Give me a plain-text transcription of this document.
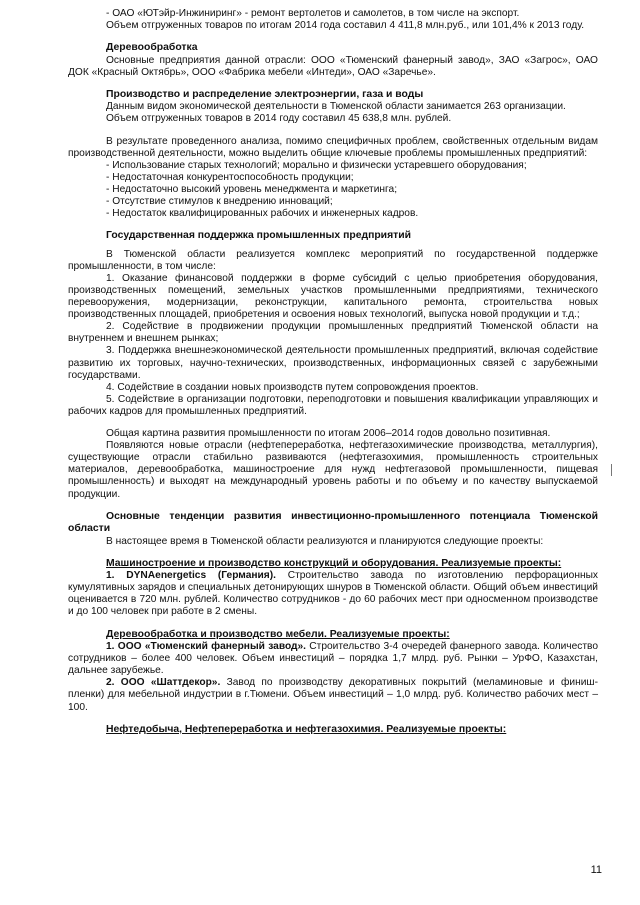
- ОАО «ЮТэйр-Инжиниринг» - ремонт вертолетов и самолетов, в том числе на экспорт.

Объем отгруженных товаров по итогам 2014 года составил 4 411,8 млн.руб., или 101,4% к 2013 году.

Деревообработка

Основные предприятия данной отрасли: ООО «Тюменский фанерный завод», ЗАО «Загрос», ОАО ДОК «Красный Октябрь», ООО «Фабрика мебели «Интеди», ОАО «Заречье».

Производство и распределение электроэнергии, газа и воды

Данным видом экономической деятельности в Тюменской области занимается 263 организации.

Объем отгруженных товаров в 2014 году составил 45 638,8 млн. рублей.

В результате проведенного анализа, помимо специфичных проблем, свойственных отдельным видам производственной деятельности, можно выделить общие ключевые проблемы промышленных предприятий:

- Использование старых технологий; морально и физически устаревшего оборудования;

- Недостаточная конкурентоспособность продукции;

- Недостаточно высокий уровень менеджмента и маркетинга;

- Отсутствие стимулов к внедрению инноваций;

- Недостаток квалифицированных рабочих и инженерных кадров.

Государственная поддержка промышленных предприятий

В Тюменской области реализуется комплекс мероприятий по государственной поддержке промышленности, в том числе:

1. Оказание финансовой поддержки в форме субсидий с целью приобретения оборудования, производственных помещений, земельных участков промышленными предприятиями, технического перевооружения, модернизации, реконструкции, капитального ремонта, строительства новых производственных площадей, приобретения и освоения новых технологий, выпуска новой продукции и т.д.;

2. Содействие в продвижении продукции промышленных предприятий Тюменской области на внутреннем и внешнем рынках;

3. Поддержка внешнеэкономической деятельности промышленных предприятий, включая содействие развитию их торговых, научно-технических, производственных, информационных связей с зарубежными государствами.

4. Содействие в создании новых производств путем сопровождения проектов.

5. Содействие в организации подготовки, переподготовки и повышения квалификации управляющих и рабочих кадров для промышленных предприятий.

Общая картина развития промышленности по итогам 2006–2014 годов довольно позитивная.

Появляются новые отрасли (нефтепереработка, нефтегазохимические производства, металлургия), существующие отрасли стабильно развиваются (нефтегазохимия, промышленность строительных материалов, деревообработка, машиностроение для нужд нефтегазовой промышленности, пищевая промышленность) и выходят на международный уровень работы и по объему и по качеству выпускаемой продукции.

Основные тенденции развития инвестиционно-промышленного потенциала Тюменской области

В настоящее время в Тюменской области реализуются и планируются следующие проекты:

Машиностроение и производство конструкций и оборудования. Реализуемые проекты:

1. DYNAenergetics (Германия). Строительство завода по изготовлению перфорационных кумулятивных зарядов и специальных детонирующих шнуров в Тюменской области. Общий объем инвестиций оценивается в 720 млн. рублей. Количество сотрудников - до 60 рабочих мест при односменном производстве и до 100 человек при работе в 2 смены.

Деревообработка и производство мебели. Реализуемые проекты:

1. ООО «Тюменский фанерный завод». Строительство 3-4 очередей фанерного завода. Количество сотрудников – более 400 человек. Объем инвестиций – порядка 1,7 млрд. руб. Рынки – УрФО, Казахстан, дальнее зарубежье.

2. ООО «Шаттдекор». Завод по производству декоративных покрытий (меламиновые и финиш-пленки) для мебельной индустрии в г.Тюмени. Объем инвестиций – 1,0 млрд. руб. Количество рабочих мест – 100.

Нефтедобыча, Нефтепереработка и нефтегазохимия. Реализуемые проекты:
11
